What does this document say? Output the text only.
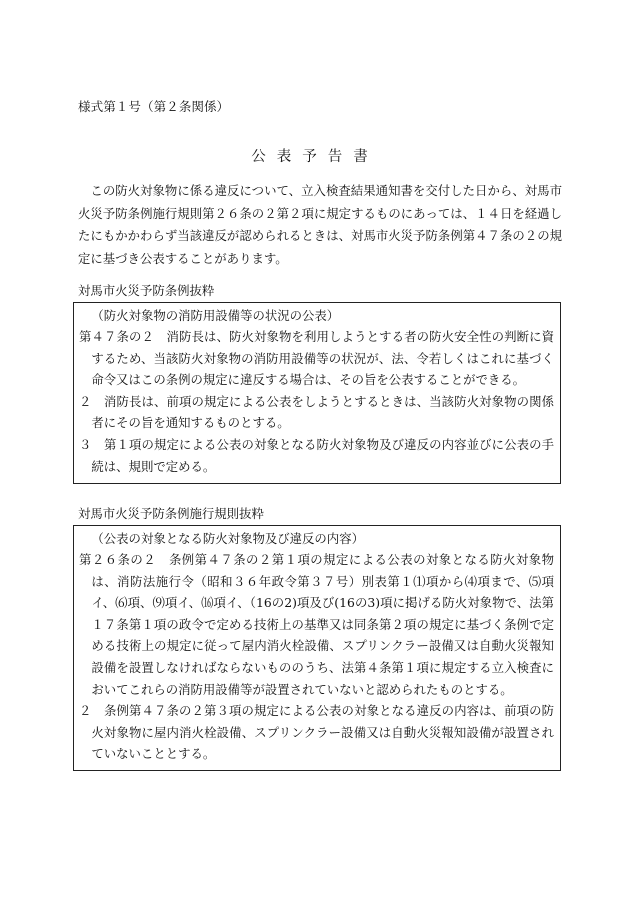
様式第１号（第２条関係）
公表予告書

この防火対象物に係る違反について、立入検査結果通知書を交付した日から、対馬市火災予防条例施行規則第２６条の２第２項に規定するものにあっては、１４日を経過したにもかかわらず当該違反が認められるときは、対馬市火災予防条例第４７条の２の規定に基づき公表することがあります。

対馬市火災予防条例抜粋
（防火対象物の消防用設備等の状況の公表）
第４７条の２　消防長は、防火対象物を利用しようとする者の防火安全性の判断に資するため、当該防火対象物の消防用設備等の状況が、法、令若しくはこれに基づく命令又はこの条例の規定に違反する場合は、その旨を公表することができる。
２　消防長は、前項の規定による公表をしようとするときは、当該防火対象物の関係者にその旨を通知するものとする。
３　第１項の規定による公表の対象となる防火対象物及び違反の内容並びに公表の手続は、規則で定める。
対馬市火災予防条例施行規則抜粋
（公表の対象となる防火対象物及び違反の内容）
第２６条の２　条例第４７条の２第１項の規定による公表の対象となる防火対象物は、消防法施行令（昭和３６年政令第３７号）別表第１⑴項から⑷項まで、⑸項イ、⑹項、⑼項イ、⒃項イ、（16の2)項及び(16の3)項に掲げる防火対象物で、法第１７条第１項の政令で定める技術上の基準又は同条第２項の規定に基づく条例で定める技術上の規定に従って屋内消火栓設備、スプリンクラー設備又は自動火災報知設備を設置しなければならないもののうち、法第４条第１項に規定する立入検査においてこれらの消防用設備等が設置されていないと認められたものとする。
２　条例第４７条の２第３項の規定による公表の対象となる違反の内容は、前項の防火対象物に屋内消火栓設備、スプリンクラー設備又は自動火災報知設備が設置されていないこととする。
